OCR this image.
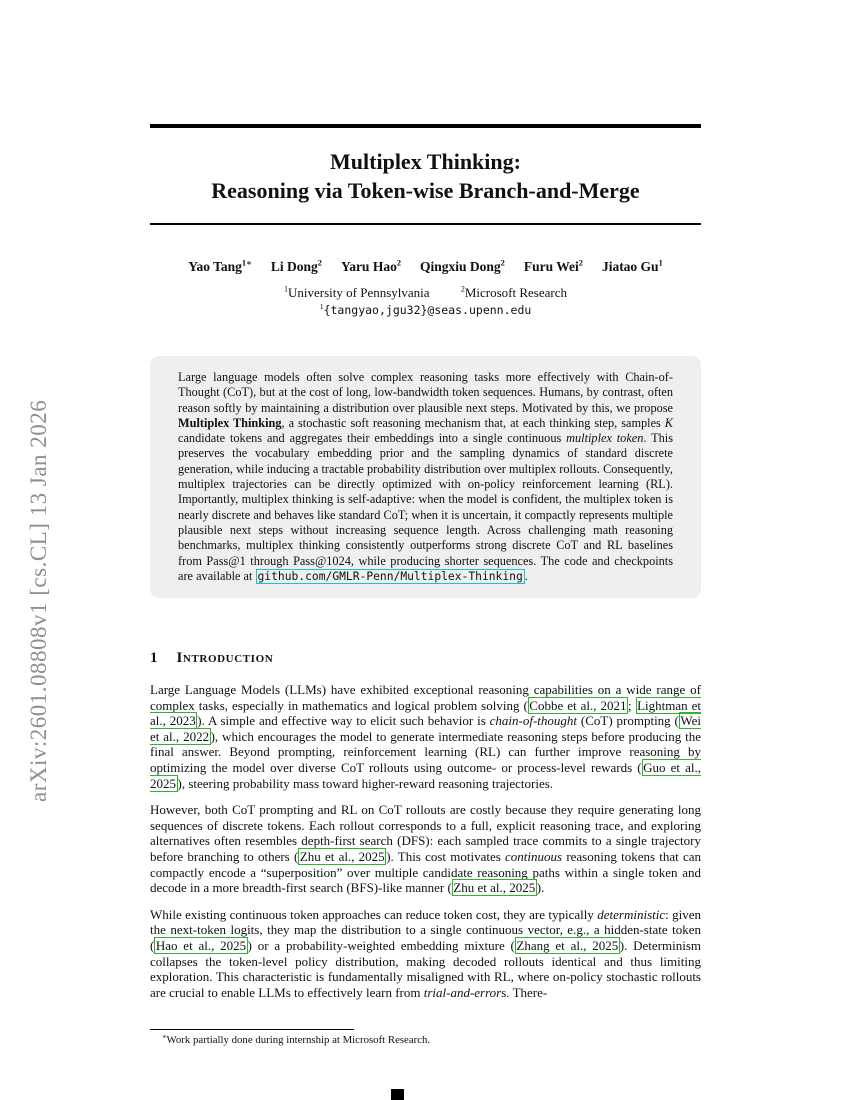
arXiv:2601.08808v1 [cs.CL] 13 Jan 2026
Multiplex Thinking:
Reasoning via Token-wise Branch-and-Merge
Yao Tang$^{1∗}$ Li Dong$^2$ Yaru Hao$^2$ Qingxiu Dong$^2$ Furu Wei$^2$ Jiatao Gu$^1$
$^1$University of Pennsylvania	$^2$Microsoft Research
$^1${tangyao,jgu32}@seas.upenn.edu

Large language models often solve complex reasoning tasks more effectively with Chain-of-Thought (CoT), but at the cost of long, low-bandwidth token sequences. Humans, by contrast, often reason softly by maintaining a distribution over plausible next steps. Motivated by this, we propose Multiplex Thinking, a stochastic soft reasoning mechanism that, at each thinking step, samples K candidate tokens and aggregates their embeddings into a single continuous multiplex token. This preserves the vocabulary embedding prior and the sampling dynamics of standard discrete generation, while inducing a tractable probability distribution over multiplex rollouts. Consequently, multiplex trajectories can be directly optimized with on-policy reinforcement learning (RL). Importantly, multiplex thinking is self-adaptive: when the model is confident, the multiplex token is nearly discrete and behaves like standard CoT; when it is uncertain, it compactly represents multiple plausible next steps without increasing sequence length. Across challenging math reasoning benchmarks, multiplex thinking consistently outperforms strong discrete CoT and RL baselines from Pass@1 through Pass@1024, while producing shorter sequences. The code and checkpoints are available at github.com/GMLR-Penn/Multiplex-Thinking .

1 Introduction

Large Language Models (LLMs) have exhibited exceptional reasoning capabilities on a wide range of complex tasks, especially in mathematics and logical problem solving ( Cobbe et al., 2021 ; Lightman et al., 2023 ). A simple and effective way to elicit such behavior is chain-of-thought (CoT) prompting ( Wei et al., 2022 ), which encourages the model to generate intermediate reasoning steps before producing the final answer. Beyond prompting, reinforcement learning (RL) can further improve reasoning by optimizing the model over diverse CoT rollouts using outcome- or process-level rewards ( Guo et al., 2025 ), steering probability mass toward higher-reward reasoning trajectories.

However, both CoT prompting and RL on CoT rollouts are costly because they require generating long sequences of discrete tokens. Each rollout corresponds to a full, explicit reasoning trace, and exploring alternatives often resembles depth-first search (DFS): each sampled trace commits to a single trajectory before branching to others ( Zhu et al., 2025 ). This cost motivates continuous reasoning tokens that can compactly encode a “superposition” over multiple candidate reasoning paths within a single token and decode in a more breadth-first search (BFS)-like manner ( Zhu et al., 2025 ).

While existing continuous token approaches can reduce token cost, they are typically deterministic: given the next-token logits, they map the distribution to a single continuous vector, e.g., a hidden-state token ( Hao et al., 2025 ) or a probability-weighted embedding mixture ( Zhang et al., 2025 ). Determinism collapses the token-level policy distribution, making decoded rollouts identical and thus limiting exploration. This characteristic is fundamentally misaligned with RL, where on-policy stochastic rollouts are crucial to enable LLMs to effectively learn from trial-and-errors. There-

∗Work partially done during internship at Microsoft Research.
